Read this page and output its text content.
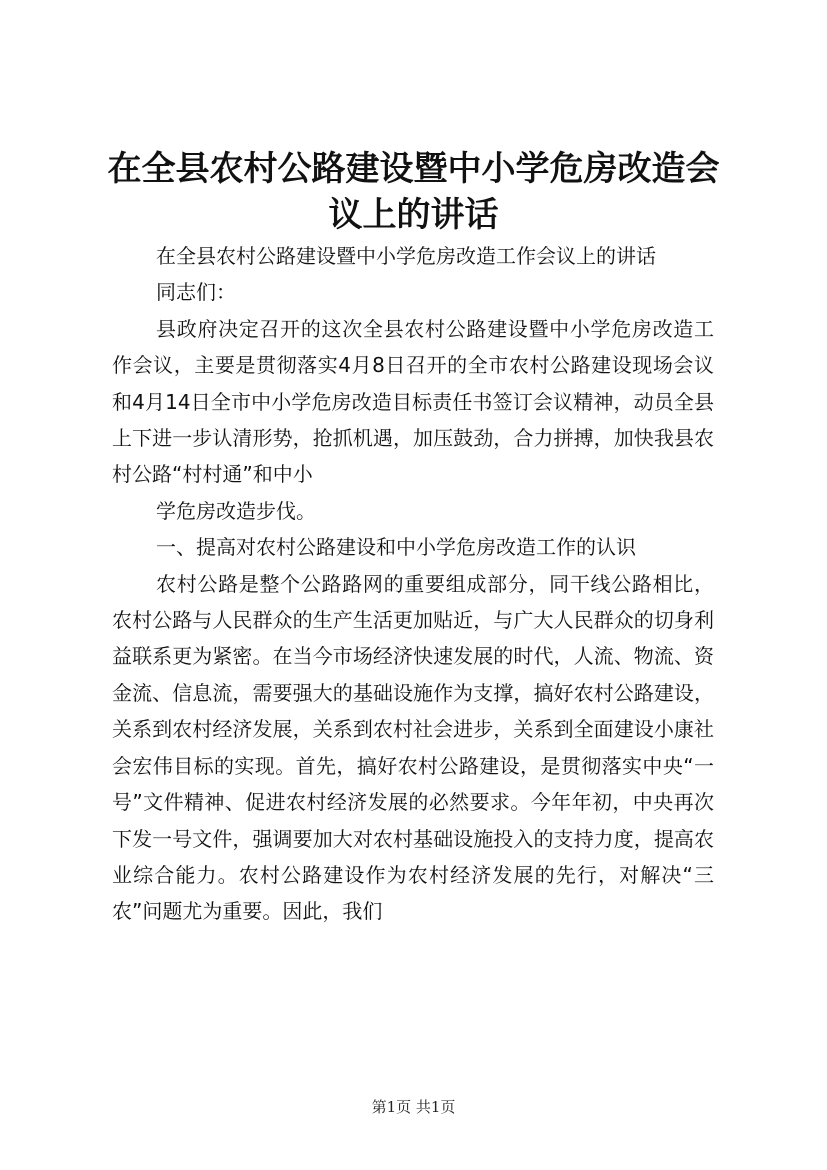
在全县农村公路建设暨中小学危房改造会议上的讲话

在全县农村公路建设暨中小学危房改造工作会议上的讲话

同志们：

县政府决定召开的这次全县农村公路建设暨中小学危房改造工作会议，主要是贯彻落实4月8日召开的全市农村公路建设现场会议和4月14日全市中小学危房改造目标责任书签订会议精神，动员全县上下进一步认清形势，抢抓机遇，加压鼓劲，合力拼搏，加快我县农村公路“村村通”和中小

学危房改造步伐。

一、提高对农村公路建设和中小学危房改造工作的认识

农村公路是整个公路路网的重要组成部分，同干线公路相比，农村公路与人民群众的生产生活更加贴近，与广大人民群众的切身利益联系更为紧密。在当今市场经济快速发展的时代，人流、物流、资金流、信息流，需要强大的基础设施作为支撑，搞好农村公路建设，关系到农村经济发展，关系到农村社会进步，关系到全面建设小康社会宏伟目标的实现。首先，搞好农村公路建设，是贯彻落实中央“一号”文件精神、促进农村经济发展的必然要求。今年年初，中央再次下发一号文件，强调要加大对农村基础设施投入的支持力度，提高农业综合能力。农村公路建设作为农村经济发展的先行，对解决“三农”问题尤为重要。因此，我们

第1页 共1页
